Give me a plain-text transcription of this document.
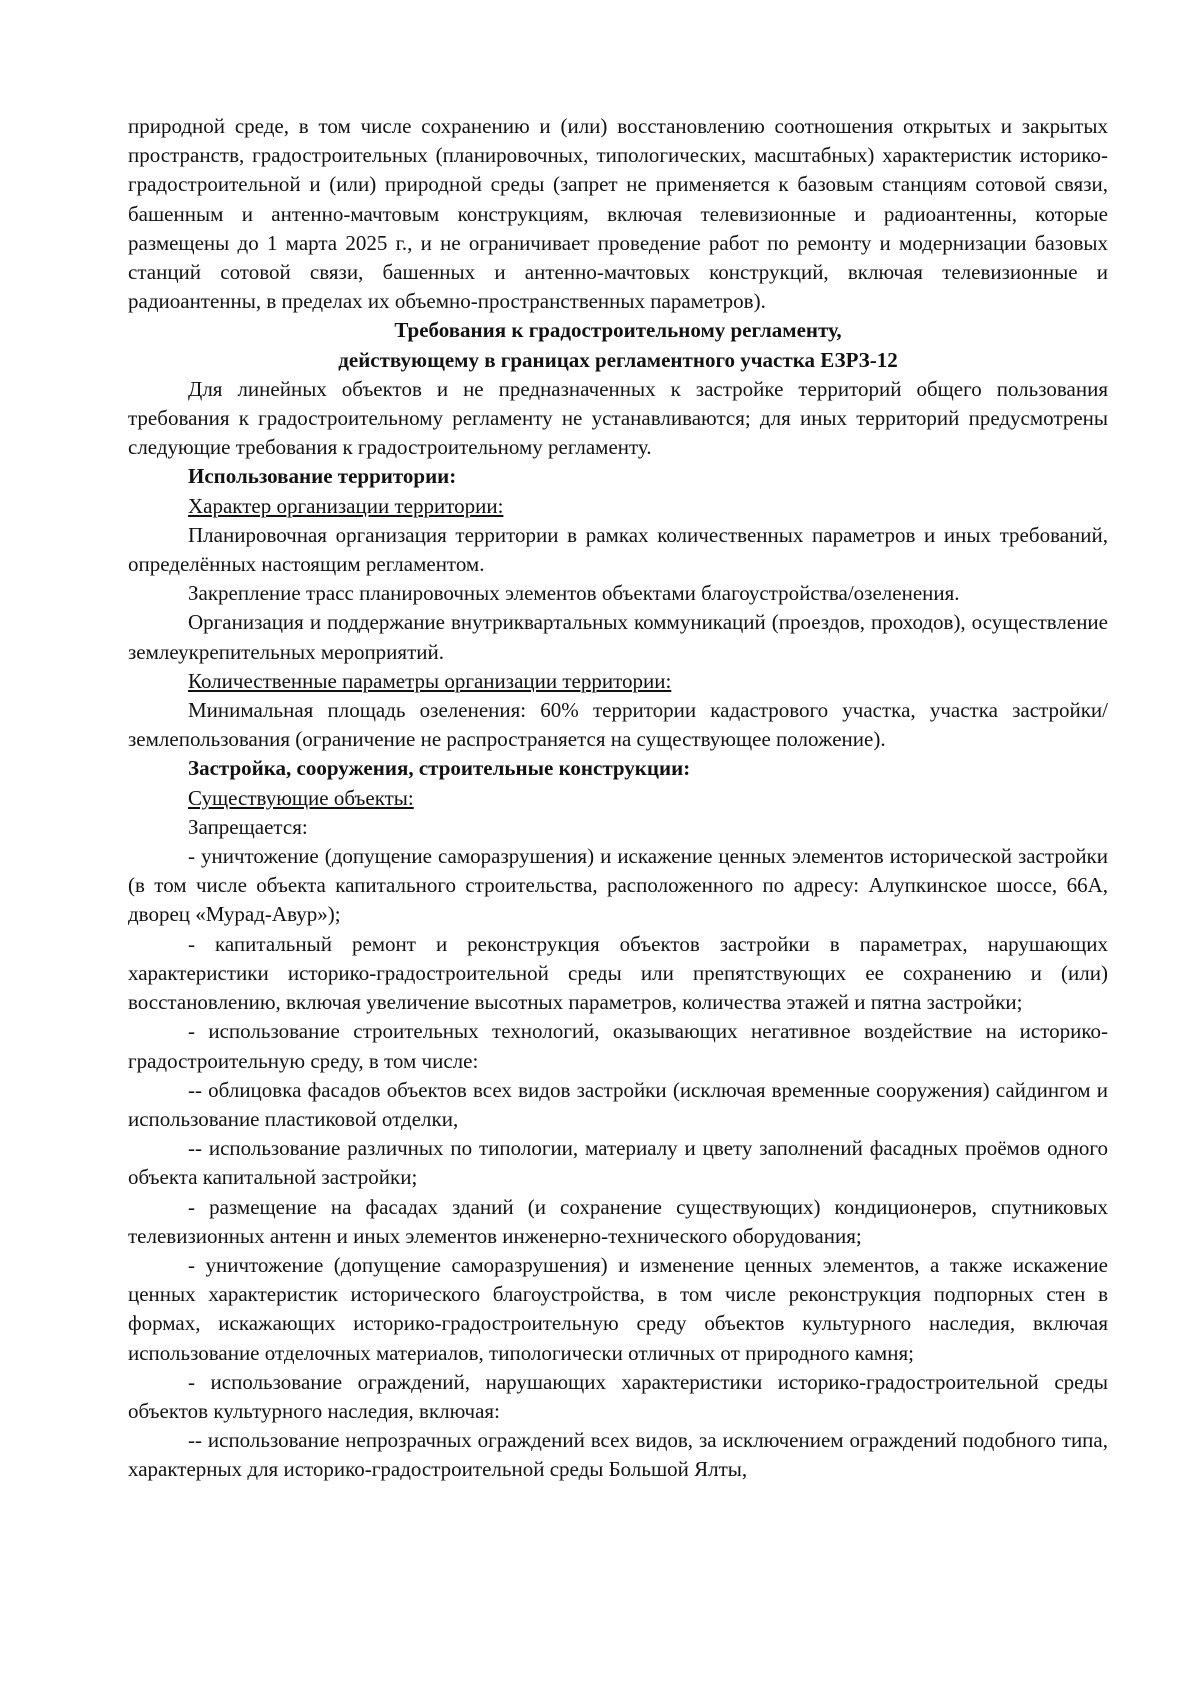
природной среде, в том числе сохранению и (или) восстановлению соотношения открытых и закрытых пространств, градостроительных (планировочных, типологических, масштабных) характеристик историко-градостроительной и (или) природной среды (запрет не применяется к базовым станциям сотовой связи, башенным и антенно-мачтовым конструкциям, включая телевизионные и радиоантенны, которые размещены до 1 марта 2025 г., и не ограничивает проведение работ по ремонту и модернизации базовых станций сотовой связи, башенных и антенно-мачтовых конструкций, включая телевизионные и радиоантенны, в пределах их объемно-пространственных параметров).

Требования к градостроительному регламенту,

действующему в границах регламентного участка ЕЗРЗ-12

Для линейных объектов и не предназначенных к застройке территорий общего пользования требования к градостроительному регламенту не устанавливаются; для иных территорий предусмотрены следующие требования к градостроительному регламенту.

Использование территории:

Характер организации территории:

Планировочная организация территории в рамках количественных параметров и иных требований, определённых настоящим регламентом.

Закрепление трасс планировочных элементов объектами благоустройства/озеленения.

Организация и поддержание внутриквартальных коммуникаций (проездов, проходов), осуществление землеукрепительных мероприятий.

Количественные параметры организации территории:

Минимальная площадь озеленения: 60% территории кадастрового участка, участка застройки/землепользования (ограничение не распространяется на существующее положение).

Застройка, сооружения, строительные конструкции:

Существующие объекты:

Запрещается:

- уничтожение (допущение саморазрушения) и искажение ценных элементов исторической застройки (в том числе объекта капитального строительства, расположенного по адресу: Алупкинское шоссе, 66А, дворец «Мурад-Авур»);

- капитальный ремонт и реконструкция объектов застройки в параметрах, нарушающих характеристики историко-градостроительной среды или препятствующих ее сохранению и (или) восстановлению, включая увеличение высотных параметров, количества этажей и пятна застройки;

- использование строительных технологий, оказывающих негативное воздействие на историко-градостроительную среду, в том числе:

-- облицовка фасадов объектов всех видов застройки (исключая временные сооружения) сайдингом и использование пластиковой отделки,

-- использование различных по типологии, материалу и цвету заполнений фасадных проёмов одного объекта капитальной застройки;

- размещение на фасадах зданий (и сохранение существующих) кондиционеров, спутниковых телевизионных антенн и иных элементов инженерно-технического оборудования;

- уничтожение (допущение саморазрушения) и изменение ценных элементов, а также искажение ценных характеристик исторического благоустройства, в том числе реконструкция подпорных стен в формах, искажающих историко-градостроительную среду объектов культурного наследия, включая использование отделочных материалов, типологически отличных от природного камня;

- использование ограждений, нарушающих характеристики историко-градостроительной среды объектов культурного наследия, включая:

-- использование непрозрачных ограждений всех видов, за исключением ограждений подобного типа, характерных для историко-градостроительной среды Большой Ялты,
